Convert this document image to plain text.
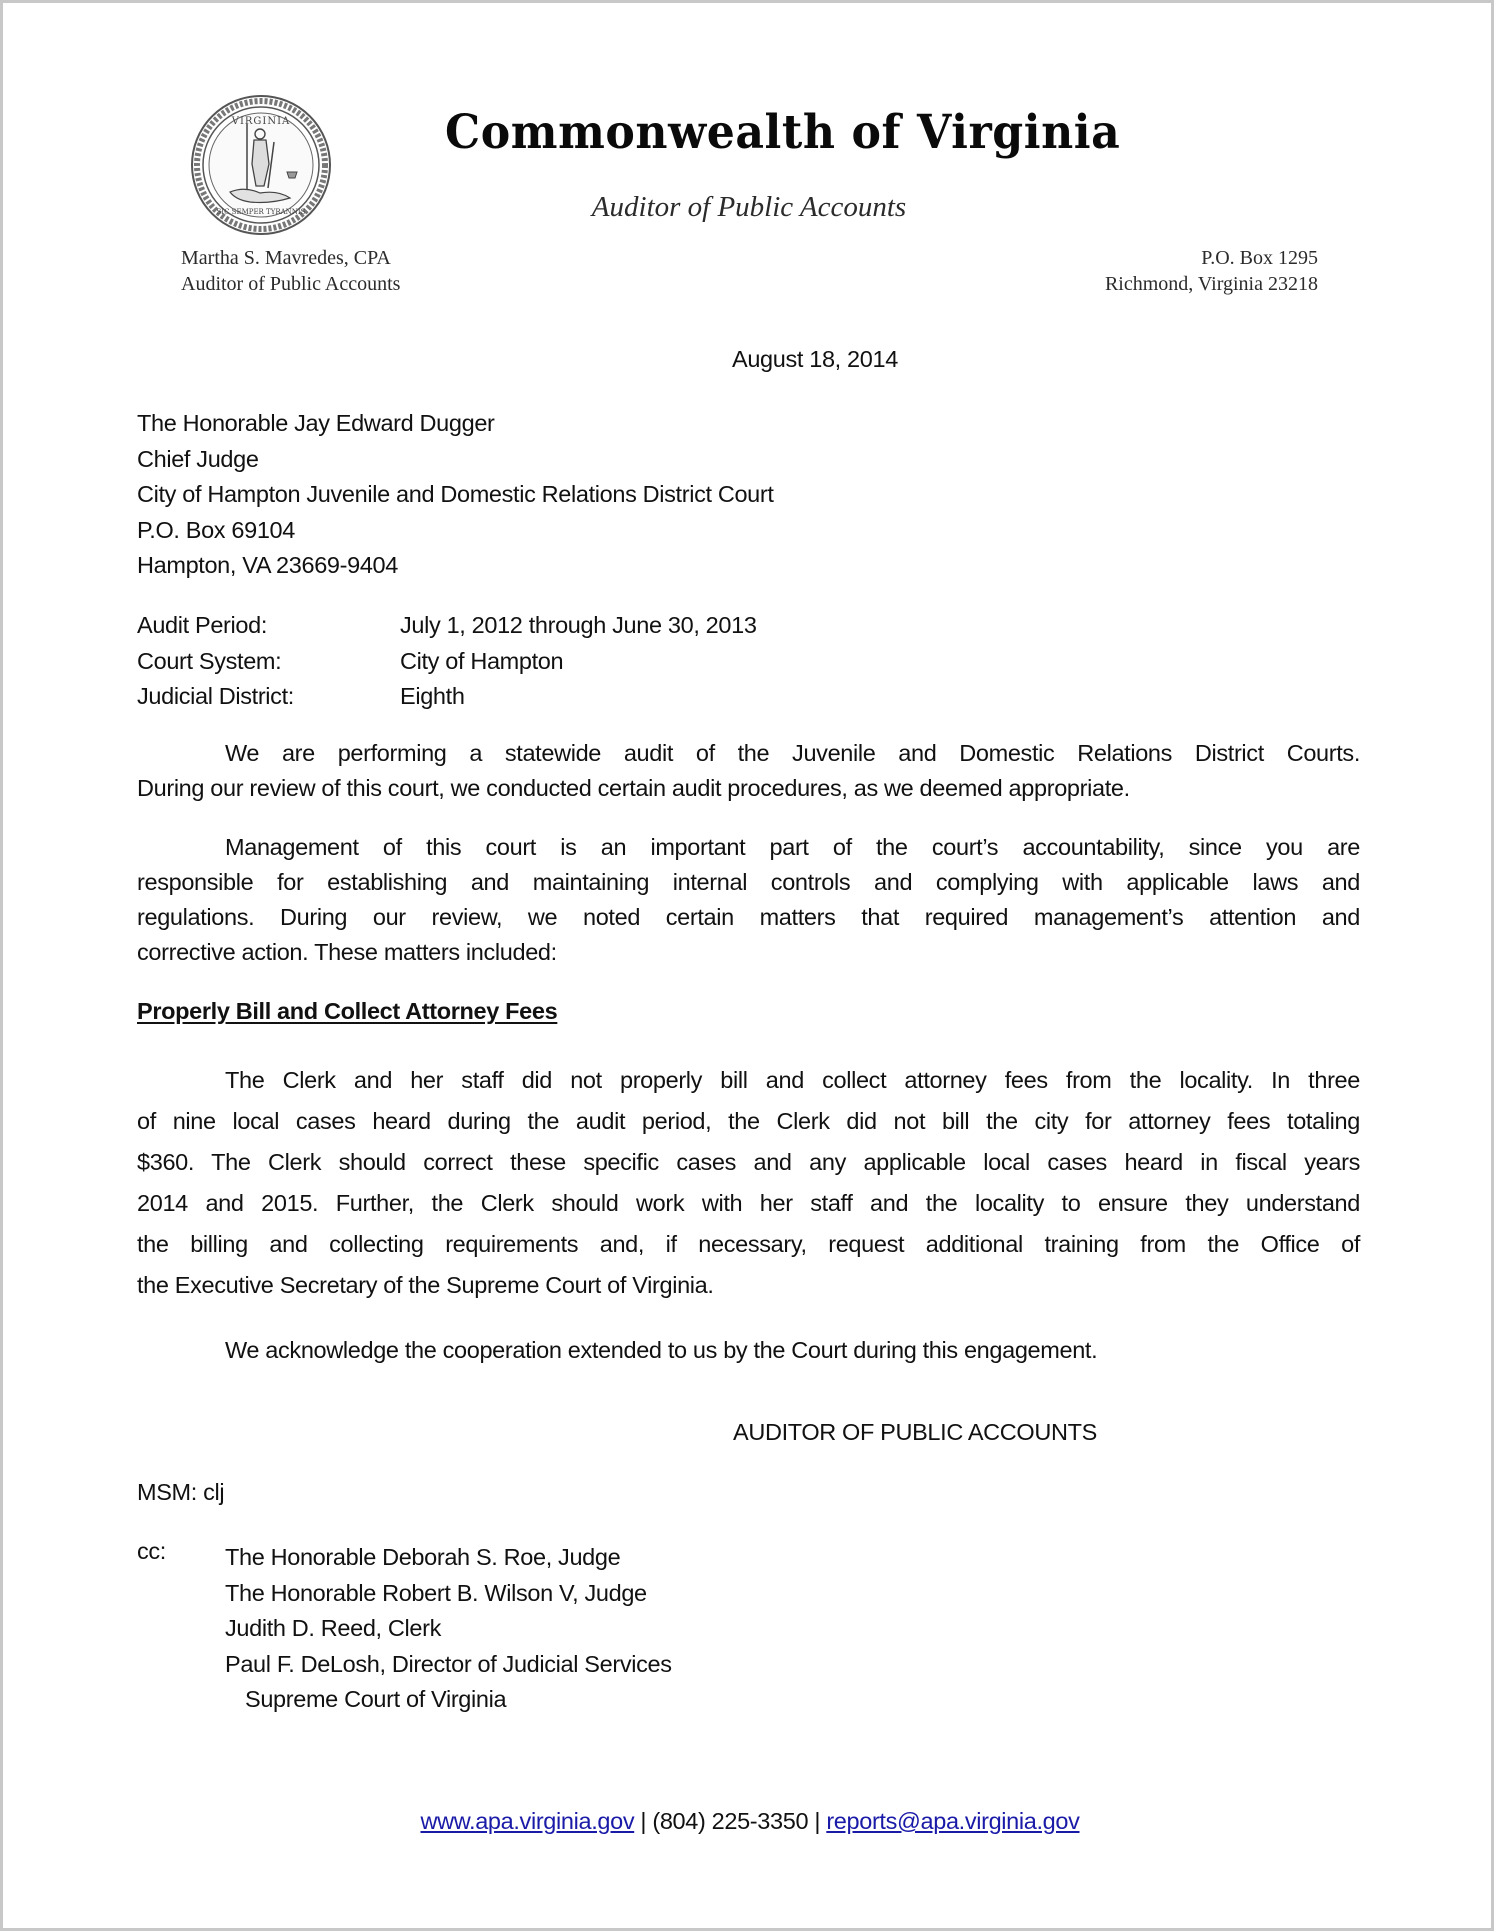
VIRGINIA
SIC SEMPER TYRANNIS
Commonwealth of Virginia
Auditor of Public Accounts
Martha S. Mavredes, CPA
Auditor of Public Accounts
P.O. Box 1295
Richmond, Virginia 23218
August 18, 2014
The Honorable Jay Edward Dugger
Chief Judge
City of Hampton Juvenile and Domestic Relations District Court
P.O. Box 69104
Hampton, VA 23669-9404
Audit Period:	July 1, 2012 through June 30, 2013
Court System:	City of Hampton
Judicial District:	Eighth
We are performing a statewide audit of the Juvenile and Domestic Relations District Courts.
During our review of this court, we conducted certain audit procedures, as we deemed appropriate.
Management of this court is an important part of the court’s accountability, since you are
responsible for establishing and maintaining internal controls and complying with applicable laws and
regulations. During our review, we noted certain matters that required management’s attention and
corrective action. These matters included:
Properly Bill and Collect Attorney Fees
The Clerk and her staff did not properly bill and collect attorney fees from the locality. In three
of nine local cases heard during the audit period, the Clerk did not bill the city for attorney fees totaling
$360. The Clerk should correct these specific cases and any applicable local cases heard in fiscal years
2014 and 2015. Further, the Clerk should work with her staff and the locality to ensure they understand
the billing and collecting requirements and, if necessary, request additional training from the Office of
the Executive Secretary of the Supreme Court of Virginia.
We acknowledge the cooperation extended to us by the Court during this engagement.
AUDITOR OF PUBLIC ACCOUNTS
MSM: clj
cc:	The Honorable Deborah S. Roe, Judge
The Honorable Robert B. Wilson V, Judge
Judith D. Reed, Clerk
Paul F. DeLosh, Director of Judicial Services
Supreme Court of Virginia
www.apa.virginia.gov | (804) 225-3350 | reports@apa.virginia.gov
